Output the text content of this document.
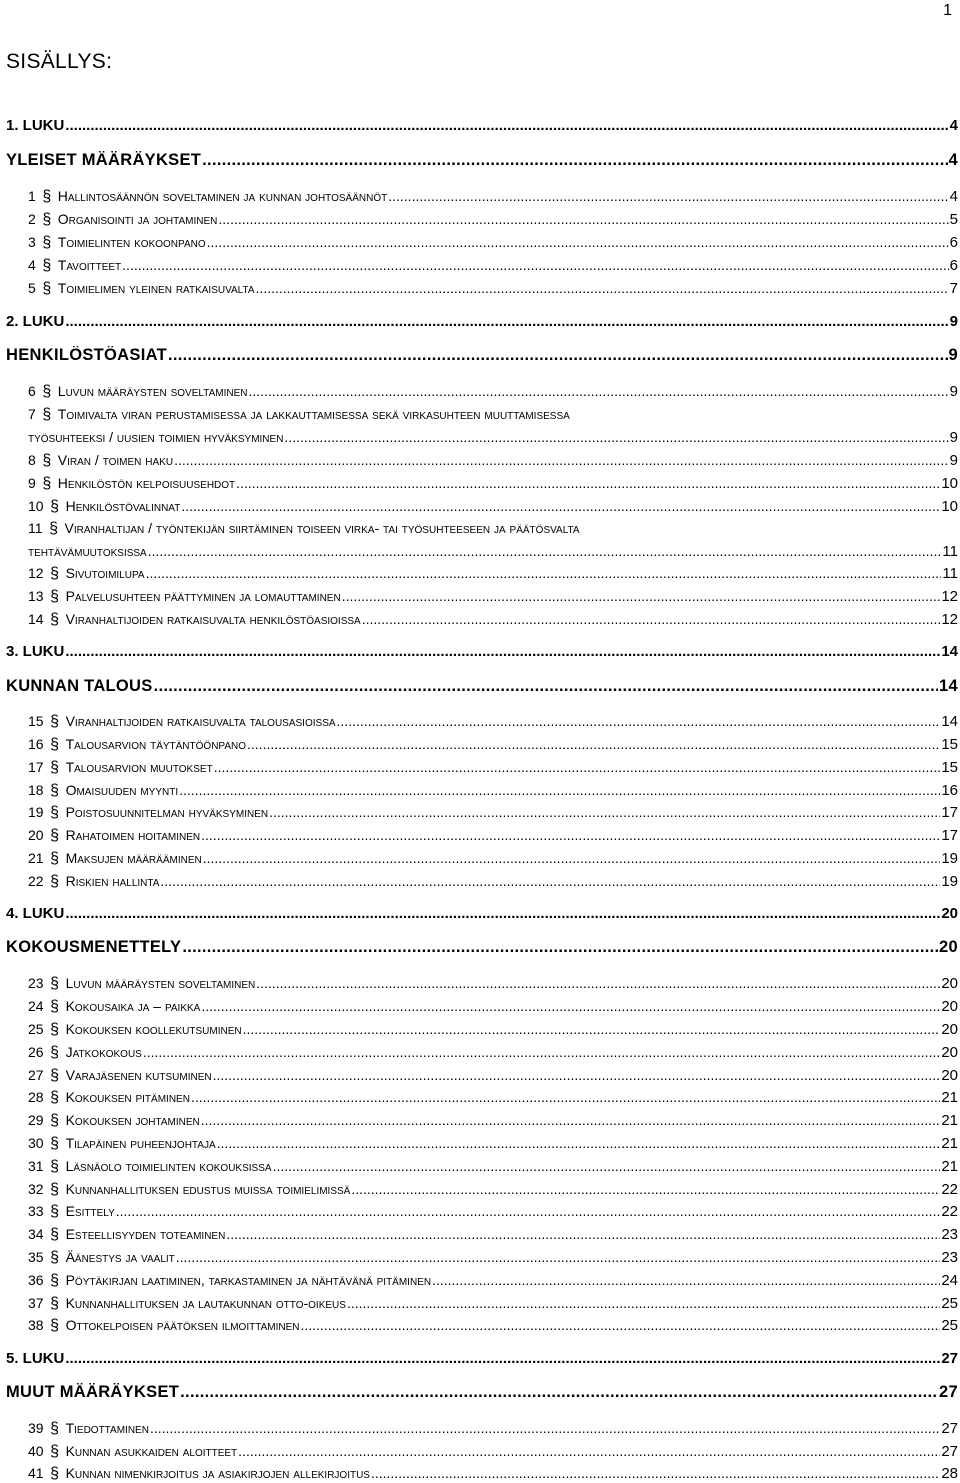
1
SISÄLLYS:
1. LUKU .....	4
YLEISET MÄÄRÄYKSET .....	4
1 § Hallintosäännön soveltaminen ja kunnan johtosäännöt .....	4
2 § Organisointi ja johtaminen .....	5
3 § Toimielinten kokoonpano .....	6
4 § Tavoitteet .....	6
5 § Toimielimen yleinen ratkaisuvalta .....	7
2. LUKU .....	9
HENKILÖSTÖASIAT .....	9
6 § Luvun määräysten soveltaminen .....	9
7 § Toimivalta viran perustamisessa ja lakkauttamisessa sekä virkasuhteen muuttamisessa
työsuhteeksi / uusien toimien hyväksyminen .....	9
8 § Viran / toimen haku .....	9
9 § Henkilöstön kelpoisuusehdot .....	10
10 § Henkilöstövalinnat .....	10
11 § Viranhaltijan / työntekijän siirtäminen toiseen virka- tai työsuhteeseen ja päätösvalta
tehtävämuutoksissa .....	11
12 § Sivutoimilupa .....	11
13 § Palvelusuhteen päättyminen ja lomauttaminen .....	12
14 § Viranhaltijoiden ratkaisuvalta henkilöstöasioissa .....	12
3. LUKU .....	14
KUNNAN TALOUS .....	14
15 § Viranhaltijoiden ratkaisuvalta talousasioissa .....	14
16 § Talousarvion täytäntöönpano .....	15
17 § Talousarvion muutokset .....	15
18 § Omaisuuden myynti .....	16
19 § Poistosuunnitelman hyväksyminen .....	17
20 § Rahatoimen hoitaminen .....	17
21 § Maksujen määrääminen .....	19
22 § Riskien hallinta .....	19
4. LUKU .....	20
KOKOUSMENETTELY .....	20
23 § Luvun määräysten soveltaminen .....	20
24 § Kokousaika ja – paikka .....	20
25 § Kokouksen koollekutsuminen .....	20
26 § Jatkokokous .....	20
27 § Varajäsenen kutsuminen .....	20
28 § Kokouksen pitäminen .....	21
29 § Kokouksen johtaminen .....	21
30 § Tilapäinen puheenjohtaja .....	21
31 § Läsnäolo toimielinten kokouksissa .....	21
32 § Kunnanhallituksen edustus muissa toimielimissä .....	22
33 § Esittely .....	22
34 § Esteellisyyden toteaminen .....	23
35 § Äänestys ja vaalit .....	23
36 § Pöytäkirjan laatiminen, tarkastaminen ja nähtävänä pitäminen .....	24
37 § Kunnanhallituksen ja lautakunnan otto-oikeus .....	25
38 § Ottokelpoisen päätöksen ilmoittaminen .....	25
5. LUKU .....	27
MUUT MÄÄRÄYKSET .....	27
39 § Tiedottaminen .....	27
40 § Kunnan asukkaiden aloitteet .....	27
41 § Kunnan nimenkirjoitus ja asiakirjojen allekirjoitus .....	28
